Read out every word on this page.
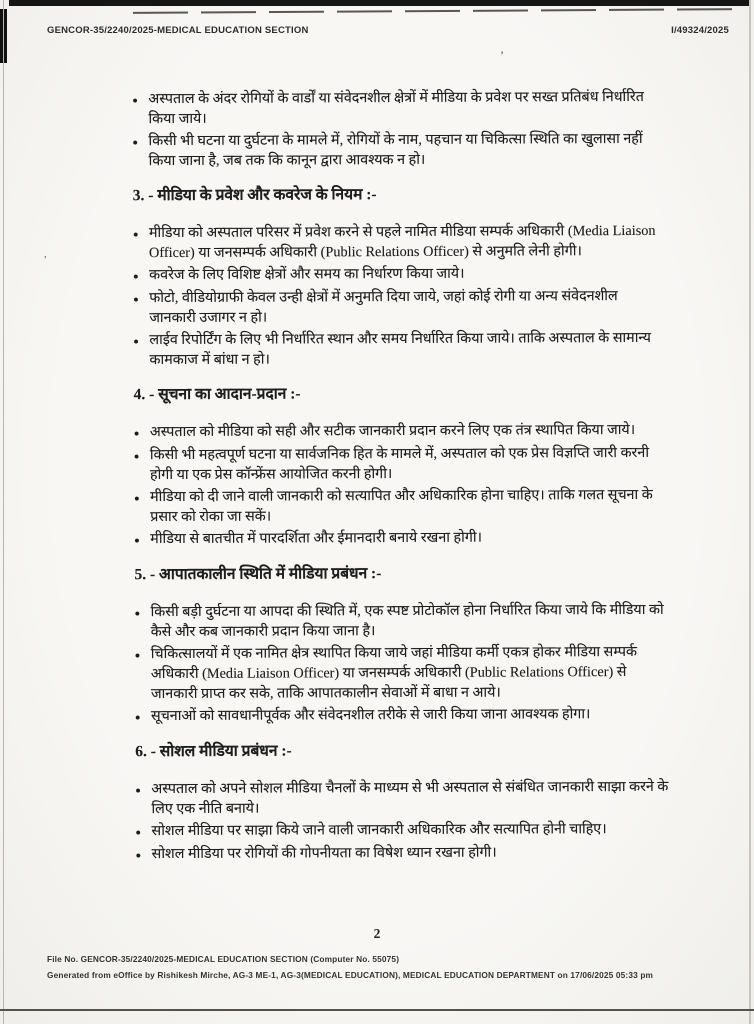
’
,
GENCOR-35/2240/2025-MEDICAL EDUCATION SECTION	I/49324/2025
● अस्पताल के अंदर रोगियों के वार्डों या संवेदनशील क्षेत्रों में मीडिया के प्रवेश पर सख्त प्रतिबंध निर्धारित किया जाये।
● किसी भी घटना या दुर्घटना के मामले में, रोगियों के नाम, पहचान या चिकित्सा स्थिति का खुलासा नहीं किया जाना है, जब तक कि कानून द्वारा आवश्यक न हो।
3. - मीडिया के प्रवेश और कवरेज के नियम :-
● मीडिया को अस्पताल परिसर में प्रवेश करने से पहले नामित मीडिया सम्पर्क अधिकारी (Media Liaison Officer) या जनसम्पर्क अधिकारी (Public Relations Officer) से अनुमति लेनी होगी।
● कवरेज के लिए विशिष्ट क्षेत्रों और समय का निर्धारण किया जाये।
● फोटो, वीडियोग्राफी केवल उन्ही क्षेत्रों में अनुमति दिया जाये, जहां कोई रोगी या अन्य संवेदनशील जानकारी उजागर न हो।
● लाईव रिपोर्टिंग के लिए भी निर्धारित स्थान और समय निर्धारित किया जाये। ताकि अस्पताल के सामान्य कामकाज में बांधा न हो।
4. - सूचना का आदान-प्रदान :-
● अस्पताल को मीडिया को सही और सटीक जानकारी प्रदान करने लिए एक तंत्र स्थापित किया जाये।
● किसी भी महत्वपूर्ण घटना या सार्वजनिक हित के मामले में, अस्पताल को एक प्रेस विज्ञप्ति जारी करनी होगी या एक प्रेस कॉन्फ्रेंस आयोजित करनी होगी।
● मीडिया को दी जाने वाली जानकारी को सत्यापित और अधिकारिक होना चाहिए। ताकि गलत सूचना के प्रसार को रोका जा सकें।
● मीडिया से बातचीत में पारदर्शिता और ईमानदारी बनाये रखना होगी।
5. - आपातकालीन स्थिति में मीडिया प्रबंधन :-
● किसी बड़ी दुर्घटना या आपदा की स्थिति में, एक स्पष्ट प्रोटोकॉल होना निर्धारित किया जाये कि मीडिया को कैसे और कब जानकारी प्रदान किया जाना है।
● चिकित्सालयों में एक नामित क्षेत्र स्थापित किया जाये जहां मीडिया कर्मी एकत्र होकर मीडिया सम्पर्क अधिकारी (Media Liaison Officer) या जनसम्पर्क अधिकारी (Public Relations Officer) से जानकारी प्राप्त कर सके, ताकि आपातकालीन सेवाओं में बाधा न आये।
● सूचनाओं को सावधानीपूर्वक और संवेदनशील तरीके से जारी किया जाना आवश्यक होगा।
6. - सोशल मीडिया प्रबंधन :-
● अस्पताल को अपने सोशल मीडिया चैनलों के माध्यम से भी अस्पताल से संबंधित जानकारी साझा करने के लिए एक नीति बनाये।
● सोशल मीडिया पर साझा किये जाने वाली जानकारी अधिकारिक और सत्यापित होनी चाहिए।
● सोशल मीडिया पर रोगियों की गोपनीयता का विषेश ध्यान रखना होगी।
2
File No. GENCOR-35/2240/2025-MEDICAL EDUCATION SECTION (Computer No. 55075)
Generated from eOffice by Rishikesh Mirche, AG-3 ME-1, AG-3(MEDICAL EDUCATION), MEDICAL EDUCATION DEPARTMENT on 17/06/2025 05:33 pm
